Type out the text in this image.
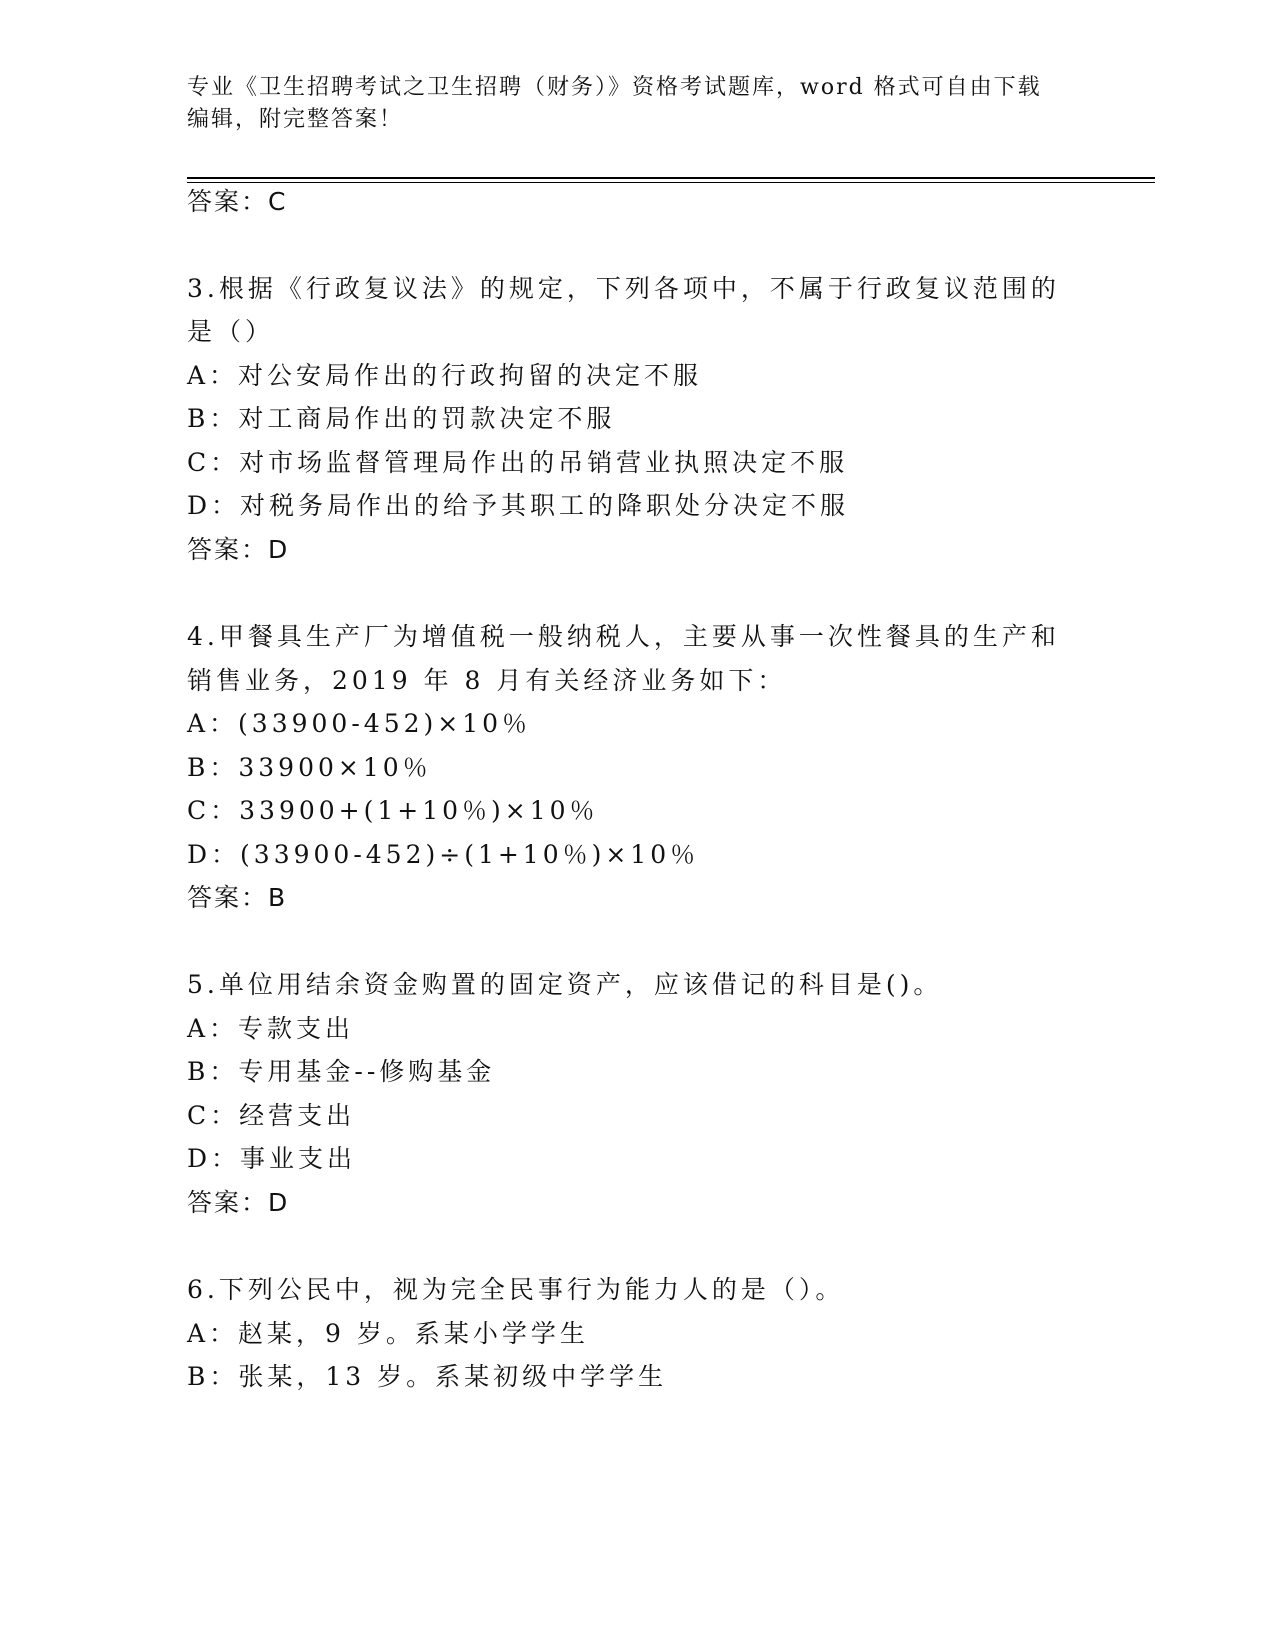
专业《卫生招聘考试之卫生招聘（财务）》资格考试题库，word 格式可自由下载
编辑，附完整答案！
答案：C
3.根据《行政复议法》的规定，下列各项中，不属于行政复议范围的
是（）
A：对公安局作出的行政拘留的决定不服
B：对工商局作出的罚款决定不服
C：对市场监督管理局作出的吊销营业执照决定不服
D：对税务局作出的给予其职工的降职处分决定不服
答案：D
4.甲餐具生产厂为增值税一般纳税人，主要从事一次性餐具的生产和
销售业务，2019 年 8 月有关经济业务如下：
A：(33900-452)×10％
B：33900×10％
C：33900+(1+10％)×10％
D：(33900-452)÷(1+10％)×10％
答案：B
5.单位用结余资金购置的固定资产，应该借记的科目是()。
A：专款支出
B：专用基金--修购基金
C：经营支出
D：事业支出
答案：D
6.下列公民中，视为完全民事行为能力人的是（）。
A：赵某，9 岁。系某小学学生
B：张某，13 岁。系某初级中学学生
